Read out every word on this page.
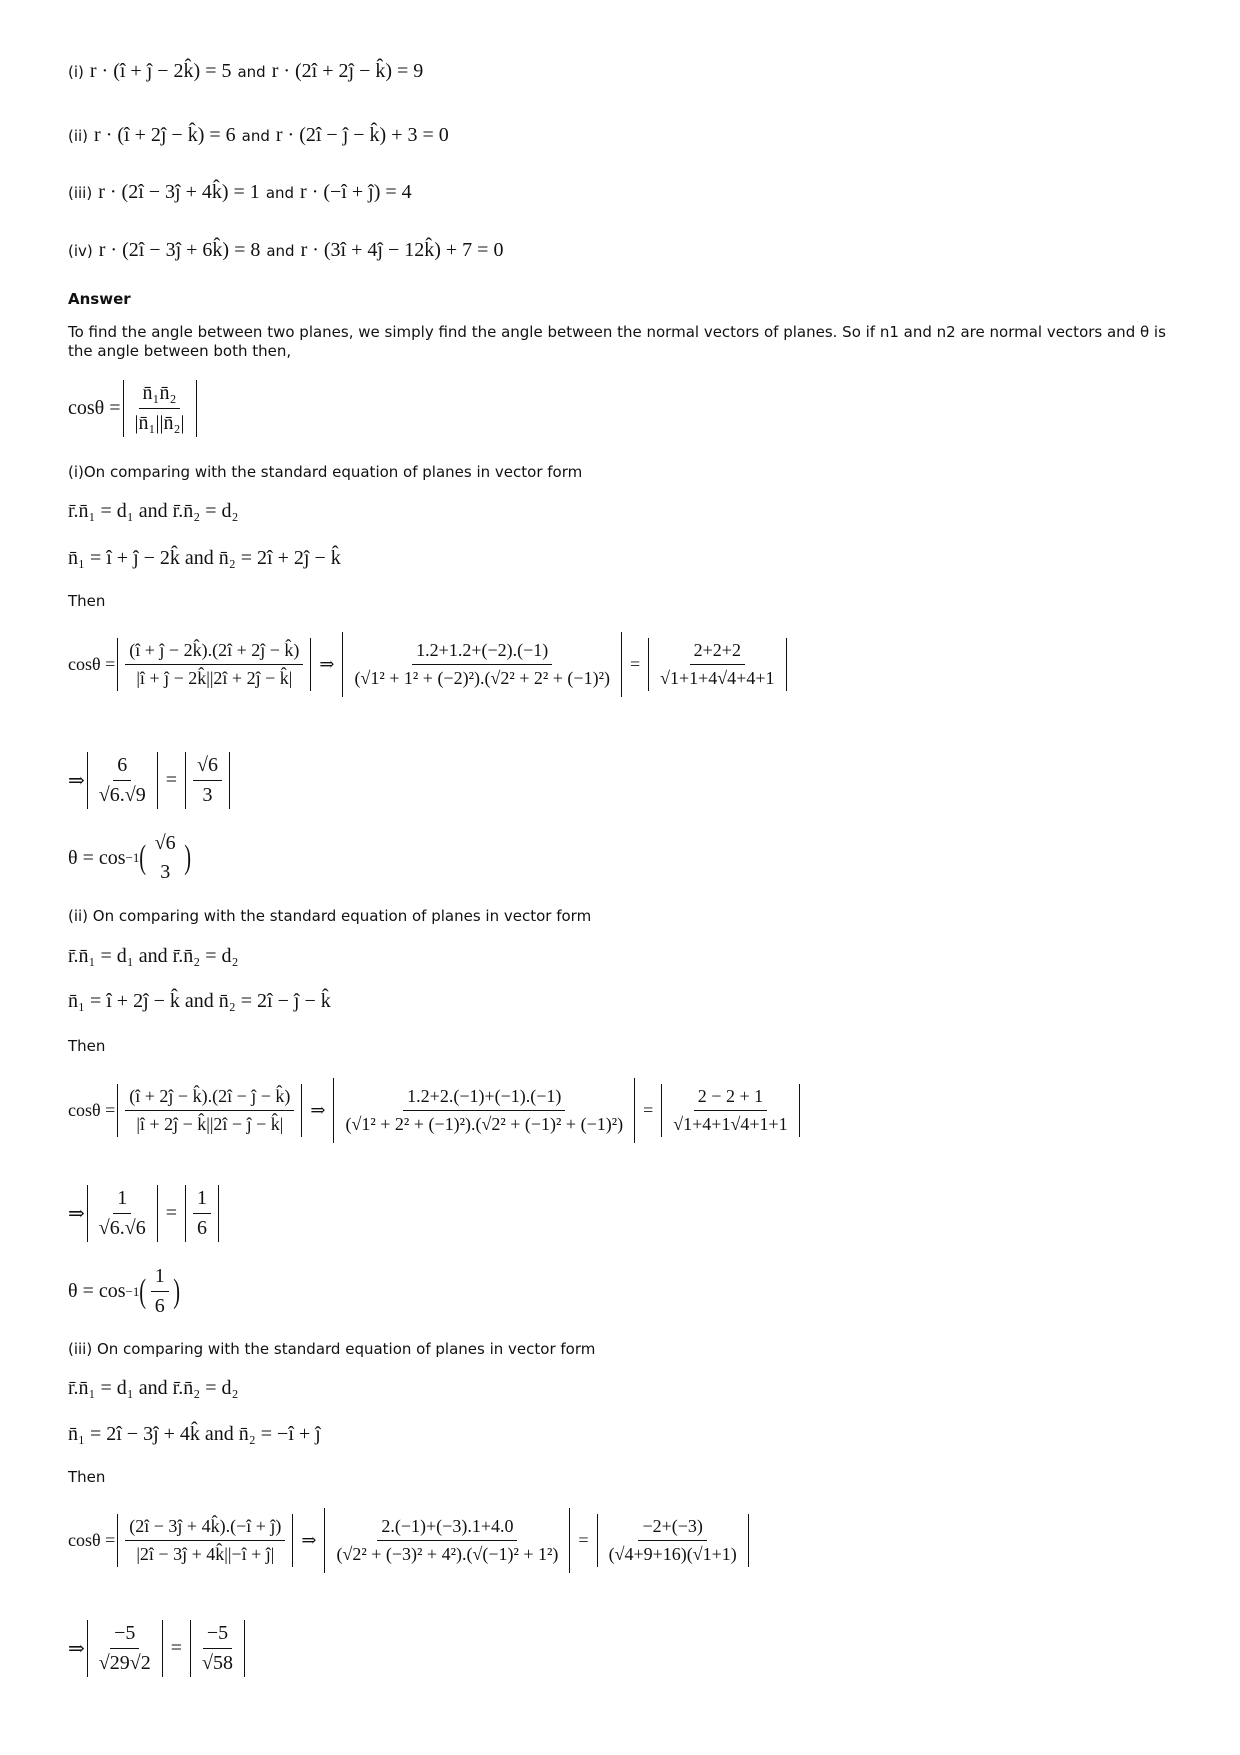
(i) r · (î + ĵ − 2k̂) = 5 and r · (2î + 2ĵ − k̂) = 9
(ii) r · (î + 2ĵ − k̂) = 6 and r · (2î − ĵ − k̂) + 3 = 0
(iii) r · (2î − 3ĵ + 4k̂) = 1 and r · (−î + ĵ) = 4
(iv) r · (2î − 3ĵ + 6k̂) = 8 and r · (3î + 4ĵ − 12k̂) + 7 = 0
Answer
To find the angle between two planes, we simply find the angle between the normal vectors of planes. So if n1 and n2 are normal vectors and θ is the angle between both then,
$\cos\theta = \frac{\text{n̄₁n̄₂}}{\text{|n̄₁||n̄₂|}}$
(i)On comparing with the standard equation of planes in vector form
r̄.n̄₁ = d₁ and r̄.n̄₂ = d₂
n̄₁ = î + ĵ − 2k̂ and n̄₂ = 2î + 2ĵ − k̂
Then
$\cos\theta = \frac{(î + ĵ - 2k̂).(2î + 2ĵ - k̂)}{|î + ĵ - 2k̂||2î + 2ĵ - k̂|}$ ⇒ $\frac{1.2+1.2+(-2).(-1)}{\text{(√1² + 1² + (−2)²).(√2² + 2² + (−1)²)}} = \frac{2+2+2}{√1+1+4√4+4+1}$
⇒ $\frac{6}{√6.√9} = \frac{√6}{3}$
θ = cos −1 ( √6
3 )
(ii) On comparing with the standard equation of planes in vector form
r̄.n̄₁ = d₁ and r̄.n̄₂ = d₂
n̄₁ = î + 2ĵ − k̂ and n̄₂ = 2î − ĵ − k̂
Then
$\cos\theta = \frac{(î + 2ĵ - k̂).(2î - ĵ - k̂)}{|î + 2ĵ - k̂||2î - ĵ - k̂|}$ ⇒ $\frac{1.2+2.(-1)+(-1).(-1)}{\text{(√1² + 2² + (−1)²).(√2² + (−1)² + (−1)²)}} = \frac{2 - 2 + 1}{√1+4+1√4+1+1}$
⇒ $\frac{1}{√6.√6} = \frac{1}{6}$
θ = cos −1 ( $\frac{1}{6}$ )
(iii) On comparing with the standard equation of planes in vector form
r̄.n̄₁ = d₁ and r̄.n̄₂ = d₂
n̄₁ = 2î − 3ĵ + 4k̂ and n̄₂ = −î + ĵ
Then
$\cos\theta = \frac{(2î - 3ĵ + 4k̂).(-î + ĵ)}{|2î - 3ĵ + 4k̂||-î + ĵ|}$ ⇒ $\frac{2.(-1)+(-3).1+4.0}{\text{(√2² + (−3)² + 4²).(√(−1)² + 1²)}} = \frac{-2+(-3)}{(√4+9+16)(√1+1)}$
⇒ $\frac{-5}{√29√2} = \frac{-5}{√58}$
